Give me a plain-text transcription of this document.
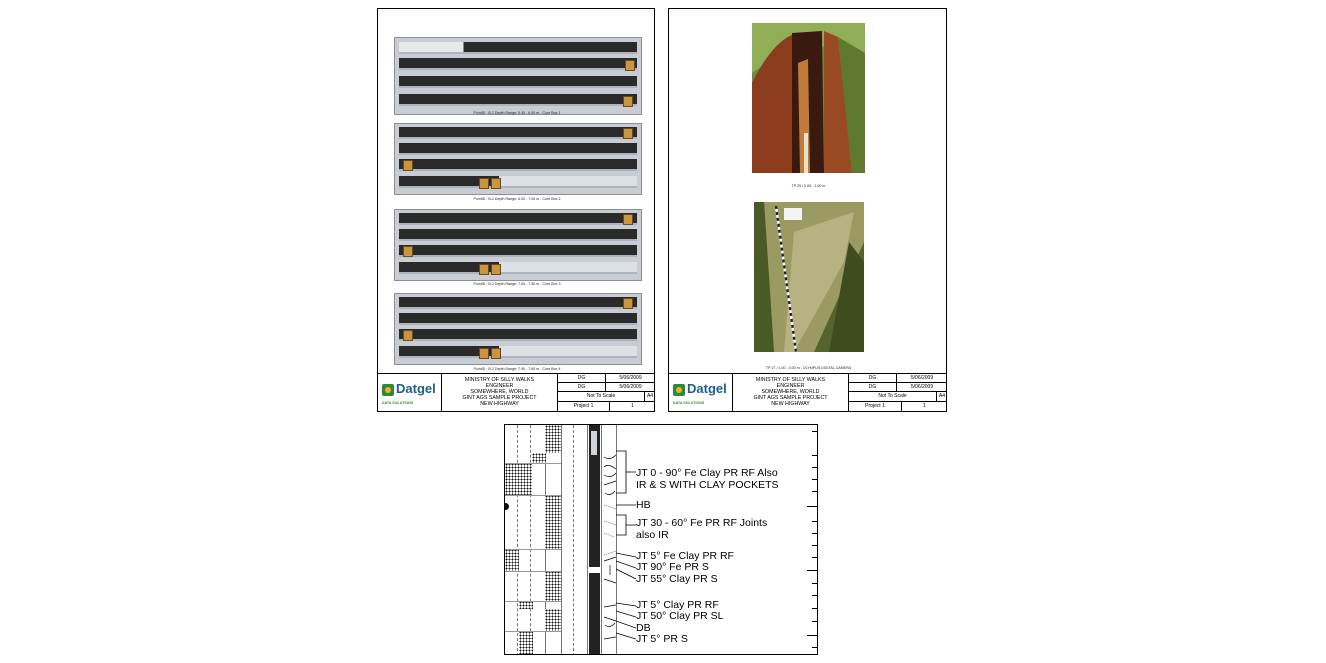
PointID : B-2 Depth Range: 5.45 - 6.00 m - Core Box 1
PointID : B-2 Depth Range: 6.00 - 7.00 m - Core Box 2
PointID : B-2 Depth Range: 7.00 - 7.50 m - Core Box 3
PointID : B-2 Depth Range: 7.50 - 7.60 m - Core Box 4
Datgel
DATA SOLUTIONS
MINISTRY OF SILLY WALKS
ENGINEER
SOMEWHERE, WORLD
GINT AGS SAMPLE PROJECT
NEW HIGHWAY
DG	5/06/2009
DG	5/06/2009
Not To Scale	A4
Project 1	1
TP 25 / 0.00 - 1.00 m
TP 27 / 1.00 - 3.00 m - OLYMPUS DIGITAL CAMERA
Datgel
DATA SOLUTIONS
MINISTRY OF SILLY WALKS
ENGINEER
SOMEWHERE, WORLD
GINT AGS SAMPLE PROJECT
NEW HIGHWAY
DG	5/06/2009
DG	5/06/2009
Not To Scale	A4
Project 1	1
JT 0 - 90° Fe Clay PR RF Also
IR & S WITH CLAY POCKETS
HB
JT 30 - 60° Fe PR RF Joints
also IR
JT 5° Fe Clay PR RF
JT 90° Fe PR S
JT 55° Clay PR S
JT 5° Clay PR RF
JT 50° Clay PR SL
DB
JT 5° PR S
